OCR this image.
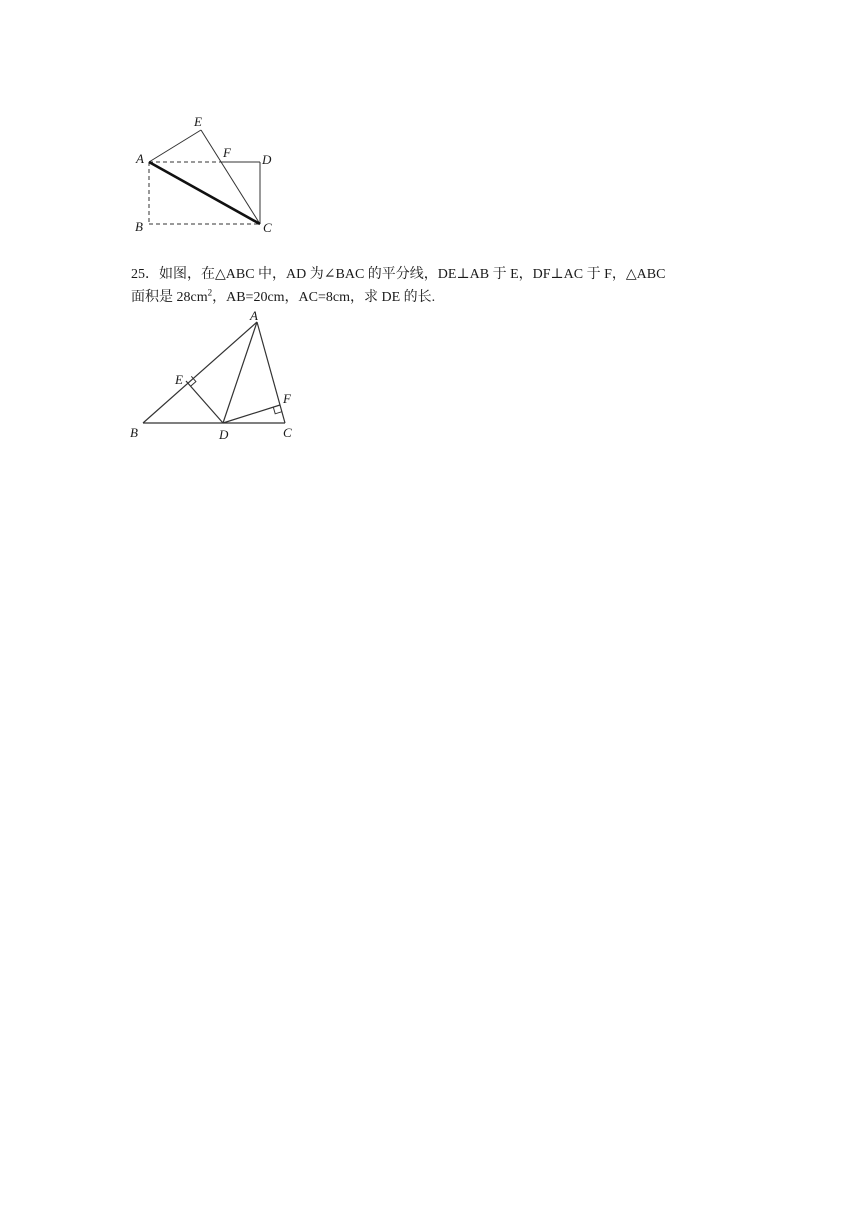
E
A	F D
B	C

25．如图，在△ABC 中，AD 为∠BAC 的平分线，DE⊥AB 于 E，DF⊥AC 于 F，△ABC

面积是 $28cm^2$，AB=20cm，AC=8cm，求 DE 的长.

A
E
F
B	D	C
